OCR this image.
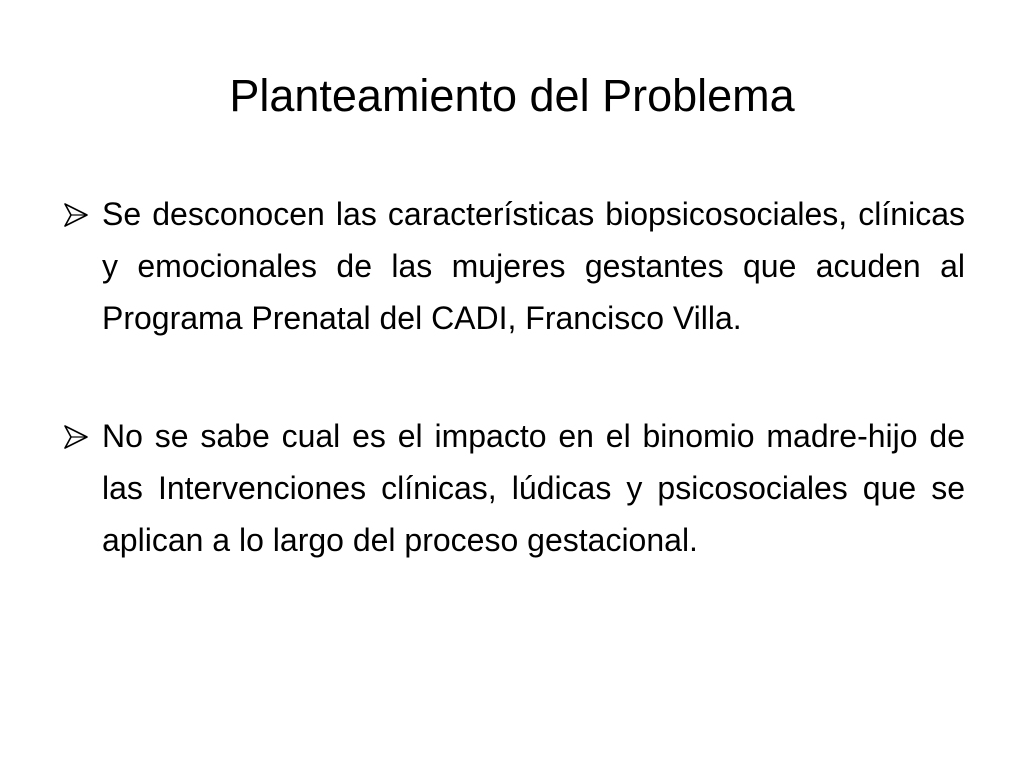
Planteamiento del Problema
Se desconocen las características biopsicosociales, clínicas y emocionales de las mujeres gestantes que acuden al Programa Prenatal del CADI, Francisco Villa.
No se sabe cual es el impacto en el binomio madre-hijo de las Intervenciones clínicas, lúdicas y psicosociales que se aplican a lo largo del proceso gestacional.
